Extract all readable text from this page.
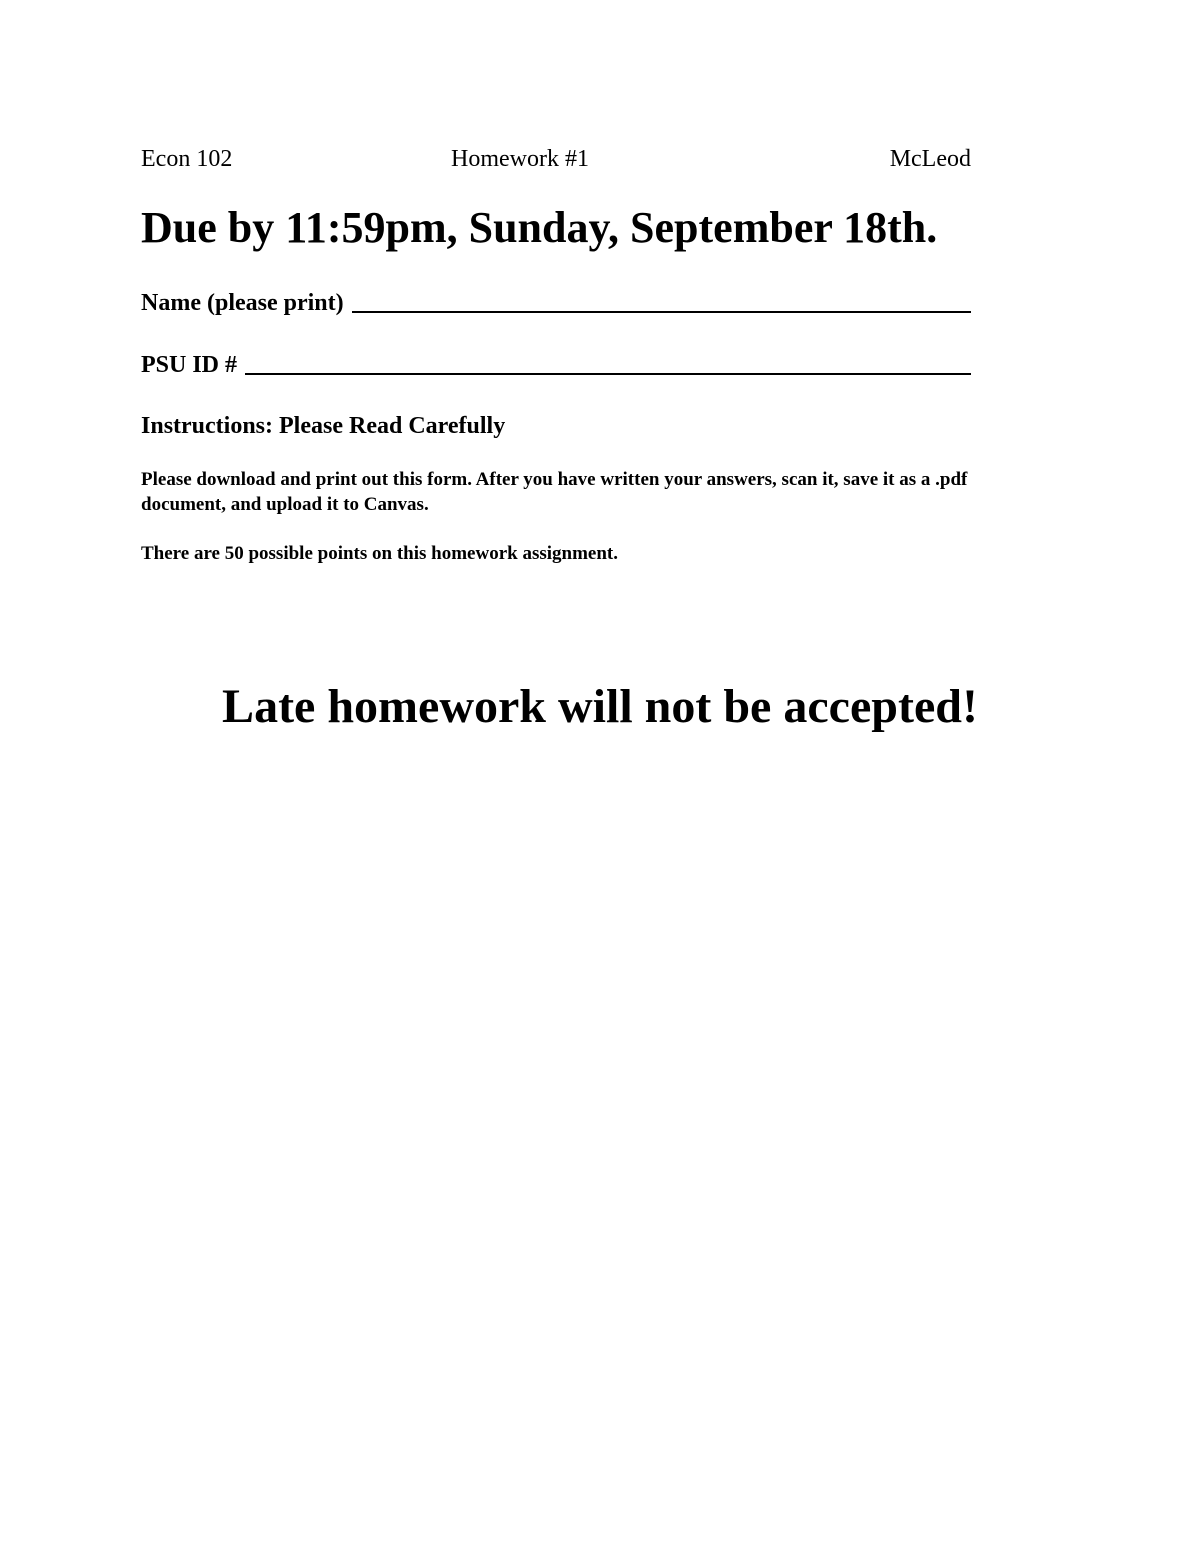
Econ 102	Homework #1	McLeod
Due by 11:59pm, Sunday, September 18th.
Name (please print)
PSU ID #
Instructions: Please Read Carefully
Please download and print out this form. After you have written your answers, scan it, save it as a .pdf document, and upload it to Canvas.
There are 50 possible points on this homework assignment.
Late homework will not be accepted!
